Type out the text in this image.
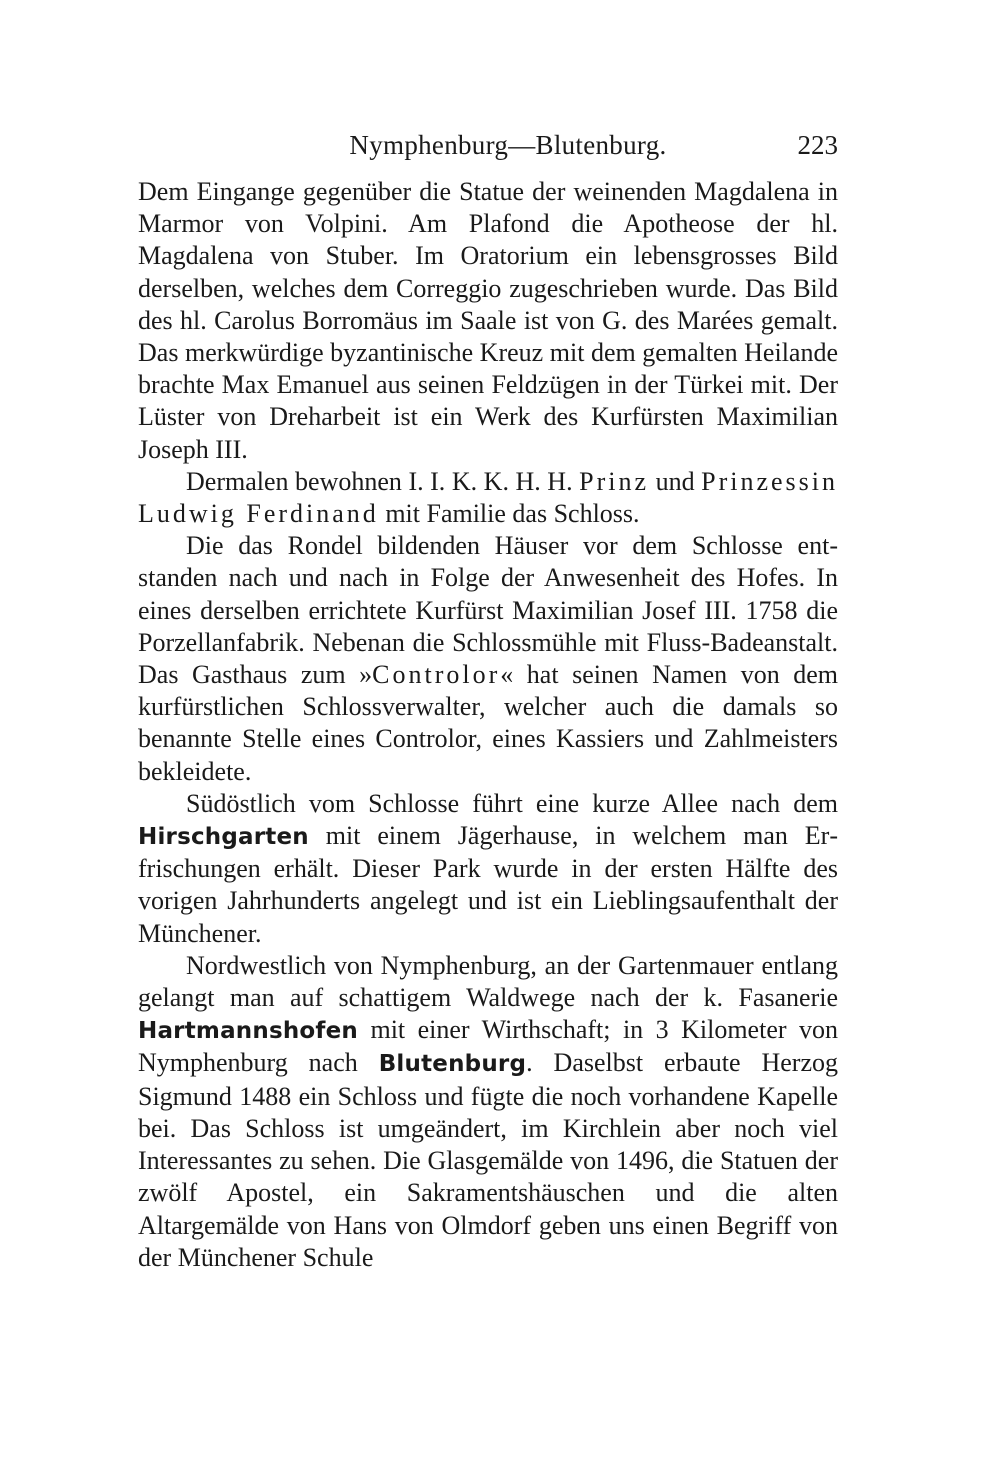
Nymphenburg—Blutenburg.	223

Dem Eingange gegenüber die Statue der weinenden Magdalena in Marmor von Volpini. Am Plafond die Apotheose der hl. Magdalena von Stuber. Im Oratorium ein lebensgrosses Bild derselben, welches dem Correggio zugeschrieben wurde. Das Bild des hl. Carolus Borromäus im Saale ist von G. des Marées gemalt. Das merkwürdige byzantinische Kreuz mit dem gemalten Heilande brachte Max Emanuel aus seinen Feldzügen in der Türkei mit. Der Lüster von Dreharbeit ist ein Werk des Kurfürsten Maximilian Joseph III.

Dermalen bewohnen I. I. K. K. H. H. Prinz und Prinzessin Ludwig Ferdinand mit Familie das Schloss.

Die das Rondel bildenden Häuser vor dem Schlosse entstanden nach und nach in Folge der Anwesenheit des Hofes. In eines derselben errichtete Kurfürst Maximilian Josef III. 1758 die Porzellanfabrik. Nebenan die Schlossmühle mit Fluss-Badeanstalt. Das Gasthaus zum »Controlor« hat seinen Namen von dem kurfürstlichen Schlossverwalter, welcher auch die damals so benannte Stelle eines Controlor, eines Kassiers und Zahlmeisters bekleidete.

Südöstlich vom Schlosse führt eine kurze Allee nach dem Hirschgarten mit einem Jägerhause, in welchem man Erfrischungen erhält. Dieser Park wurde in der ersten Hälfte des vorigen Jahrhunderts angelegt und ist ein Lieblingsaufenthalt der Münchener.

Nordwestlich von Nymphenburg, an der Gartenmauer entlang gelangt man auf schattigem Waldwege nach der k. Fasanerie Hartmannshofen mit einer Wirthschaft; in 3 Kilometer von Nymphenburg nach Blutenburg. Daselbst erbaute Herzog Sigmund 1488 ein Schloss und fügte die noch vorhandene Kapelle bei. Das Schloss ist umgeändert, im Kirchlein aber noch viel Interessantes zu sehen. Die Glasgemälde von 1496, die Statuen der zwölf Apostel, ein Sakramentshäuschen und die alten Altargemälde von Hans von Olmdorf geben uns einen Begriff von der Münchener Schule
